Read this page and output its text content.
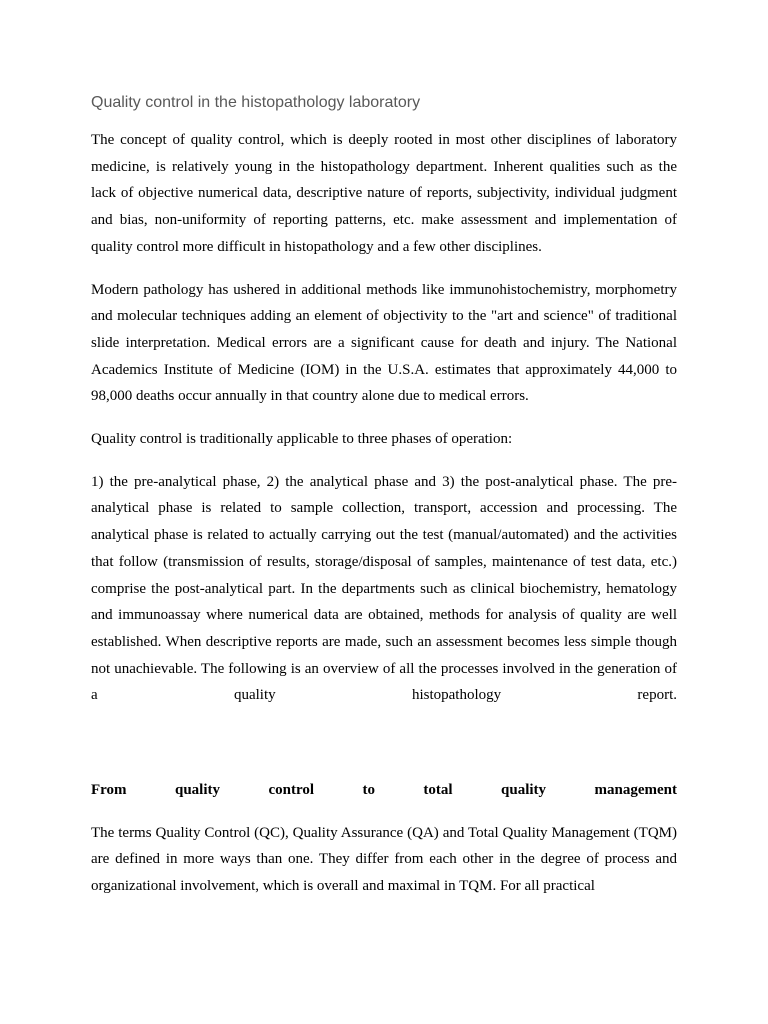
Quality control in the histopathology laboratory

The concept of quality control, which is deeply rooted in most other disciplines of laboratory medicine, is relatively young in the histopathology department. Inherent qualities such as the lack of objective numerical data, descriptive nature of reports, subjectivity, individual judgment and bias, non-uniformity of reporting patterns, etc. make assessment and implementation of quality control more difficult in histopathology and a few other disciplines.

Modern pathology has ushered in additional methods like immunohistochemistry, morphometry and molecular techniques adding an element of objectivity to the "art and science" of traditional slide interpretation. Medical errors are a significant cause for death and injury. The National Academics Institute of Medicine (IOM) in the U.S.A. estimates that approximately 44,000 to 98,000 deaths occur annually in that country alone due to medical errors.

Quality control is traditionally applicable to three phases of operation:

1) the pre-analytical phase, 2) the analytical phase and 3) the post-analytical phase. The pre-analytical phase is related to sample collection, transport, accession and processing. The analytical phase is related to actually carrying out the test (manual/automated) and the activities that follow (transmission of results, storage/disposal of samples, maintenance of test data, etc.) comprise the post-analytical part. In the departments such as clinical biochemistry, hematology and immunoassay where numerical data are obtained, methods for analysis of quality are well established. When descriptive reports are made, such an assessment becomes less simple though not unachievable. The following is an overview of all the processes involved in the generation of a quality histopathology report.

From quality control to total quality management

The terms Quality Control (QC), Quality Assurance (QA) and Total Quality Management (TQM) are defined in more ways than one. They differ from each other in the degree of process and organizational involvement, which is overall and maximal in TQM. For all practical
